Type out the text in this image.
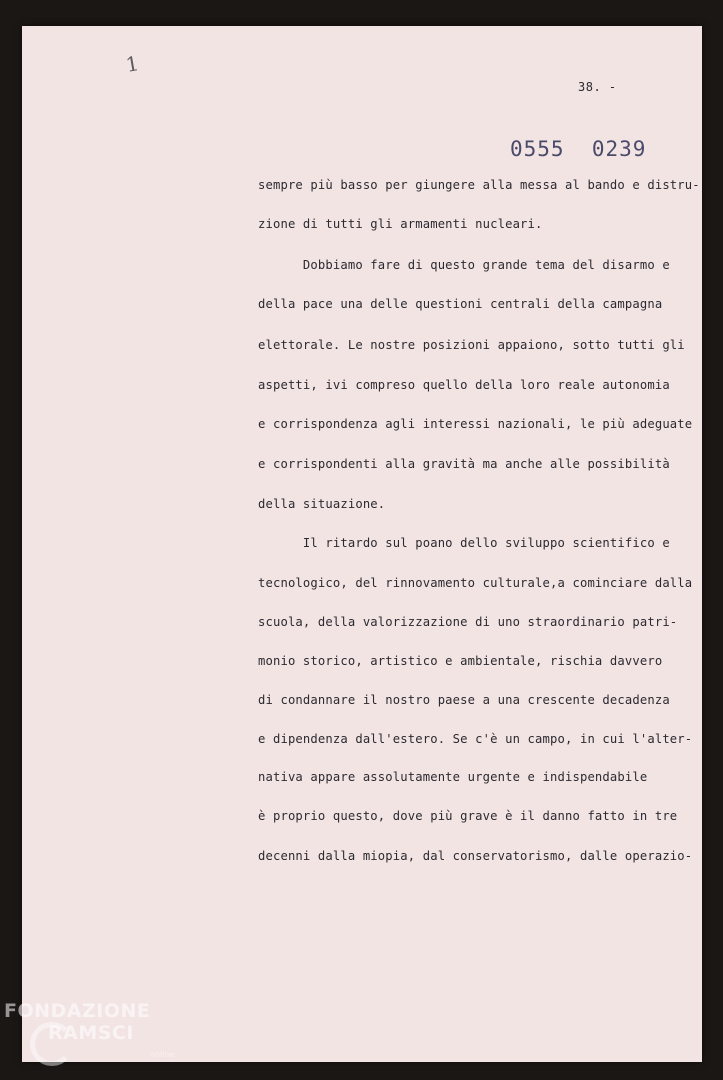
1
38. -
0555  0239
sempre più basso per giungere alla messa al bando e distru-
zione di tutti gli armamenti nucleari.
Dobbiamo fare di questo grande tema del disarmo e
della pace una delle questioni centrali della campagna
elettorale. Le nostre posizioni appaiono, sotto tutti gli
aspetti, ivi compreso quello della loro reale autonomia
e corrispondenza agli interessi nazionali, le più adeguate
e corrispondenti alla gravità ma anche alle possibilità
della situazione.
Il ritardo sul poano dello sviluppo scientifico e
tecnologico, del rinnovamento culturale,a cominciare dalla
scuola, della valorizzazione di uno straordinario patri-
monio storico, artistico e ambientale, rischia davvero
di condannare il nostro paese a una crescente decadenza
e dipendenza dall'estero. Se c'è un campo, in cui l'alter-
nativa appare assolutamente urgente e indispendabile
è proprio questo, dove più grave è il danno fatto in tre
decenni dalla miopia, dal conservatorismo, dalle operazio-
FONDAZIONE
RAMSCI
online
